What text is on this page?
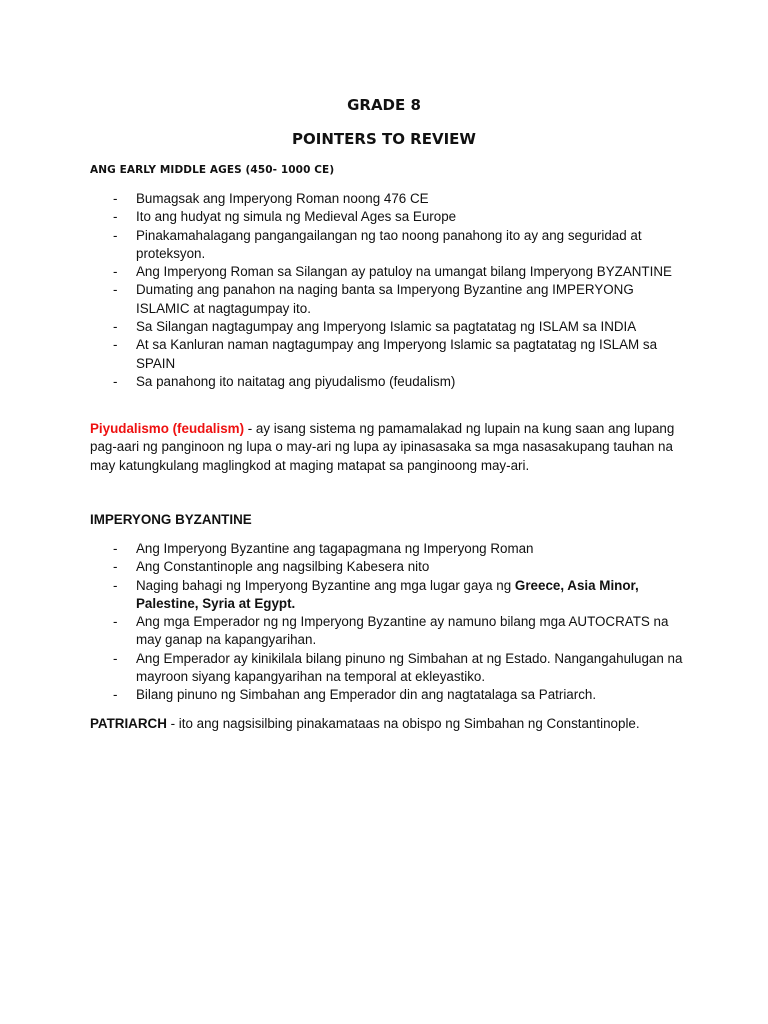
GRADE 8
POINTERS TO REVIEW
ANG EARLY MIDDLE AGES (450- 1000 CE)
- Bumagsak ang Imperyong Roman noong 476 CE
- Ito ang hudyat ng simula ng Medieval Ages sa Europe
- Pinakamahalagang pangangailangan ng tao noong panahong ito ay ang seguridad at proteksyon.
- Ang Imperyong Roman sa Silangan ay patuloy na umangat bilang Imperyong BYZANTINE
- Dumating ang panahon na naging banta sa Imperyong Byzantine ang IMPERYONG ISLAMIC at nagtagumpay ito.
- Sa Silangan nagtagumpay ang Imperyong Islamic sa pagtatatag ng ISLAM sa INDIA
- At sa Kanluran naman nagtagumpay ang Imperyong Islamic sa pagtatatag ng ISLAM sa SPAIN
- Sa panahong ito naitatag ang piyudalismo (feudalism)
Piyudalismo (feudalism) - ay isang sistema ng pamamalakad ng lupain na kung saan ang lupang pag-aari ng panginoon ng lupa o may-ari ng lupa ay ipinasasaka sa mga nasasakupang tauhan na may katungkulang maglingkod at maging matapat sa panginoong may-ari.
IMPERYONG BYZANTINE
- Ang Imperyong Byzantine ang tagapagmana ng Imperyong Roman
- Ang Constantinople ang nagsilbing Kabesera nito
- Naging bahagi ng Imperyong Byzantine ang mga lugar gaya ng Greece, Asia Minor, Palestine, Syria at Egypt.
- Ang mga Emperador ng ng Imperyong Byzantine ay namuno bilang mga AUTOCRATS na may ganap na kapangyarihan.
- Ang Emperador ay kinikilala bilang pinuno ng Simbahan at ng Estado. Nangangahulugan na mayroon siyang kapangyarihan na temporal at ekleyastiko.
- Bilang pinuno ng Simbahan ang Emperador din ang nagtatalaga sa Patriarch.
PATRIARCH - ito ang nagsisilbing pinakamataas na obispo ng Simbahan ng Constantinople.
